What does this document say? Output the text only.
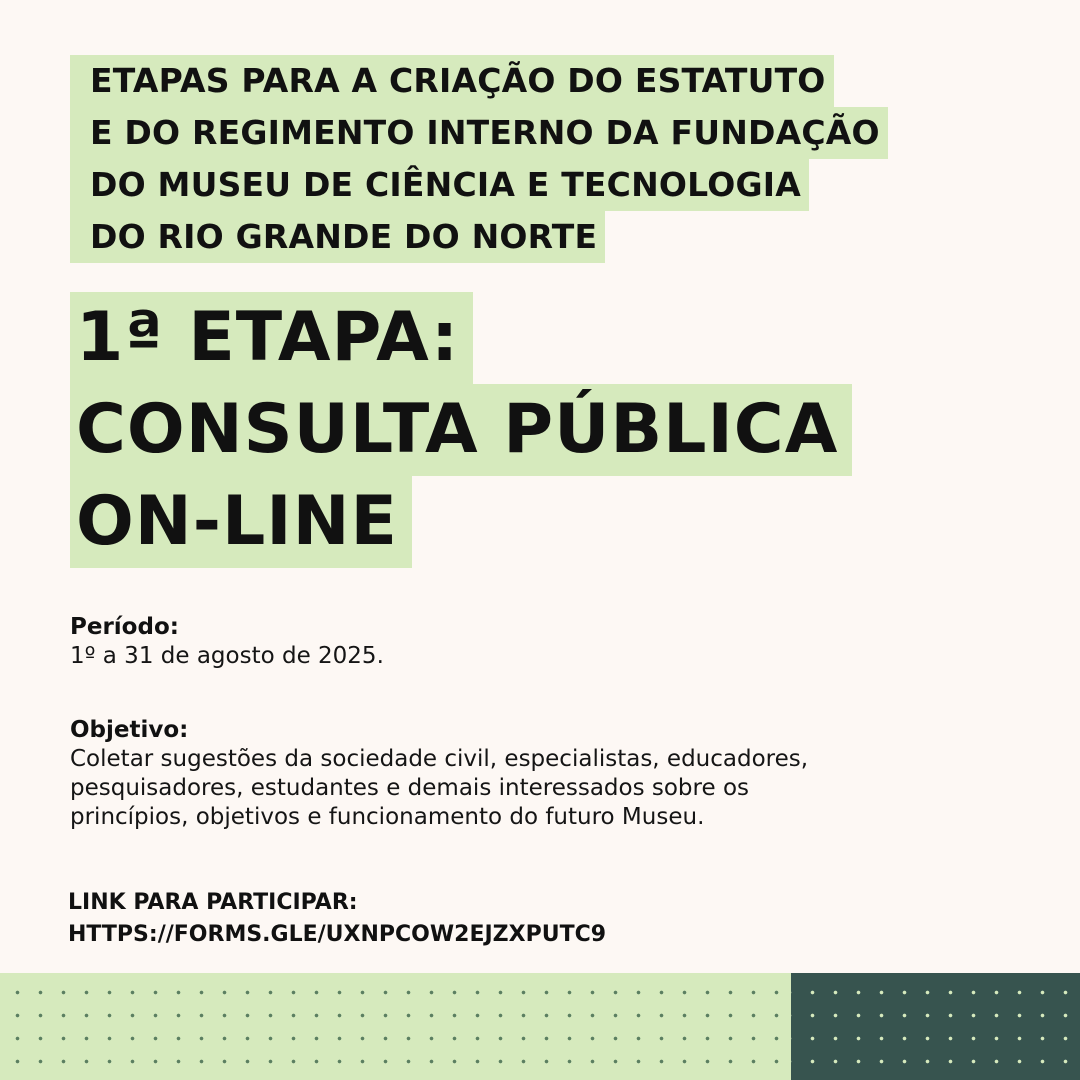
ETAPAS PARA A CRIAÇÃO DO ESTATUTO
E DO REGIMENTO INTERNO DA FUNDAÇÃO
DO MUSEU DE CIÊNCIA E TECNOLOGIA
DO RIO GRANDE DO NORTE
1ª ETAPA:
CONSULTA PÚBLICA
ON-LINE
Período:
1º a 31 de agosto de 2025.
Objetivo:
Coletar sugestões da sociedade civil, especialistas, educadores,
pesquisadores, estudantes e demais interessados sobre os
princípios, objetivos e funcionamento do futuro Museu.
LINK PARA PARTICIPAR:
HTTPS://FORMS.GLE/UXNPCOW2EJZXPUTC9
